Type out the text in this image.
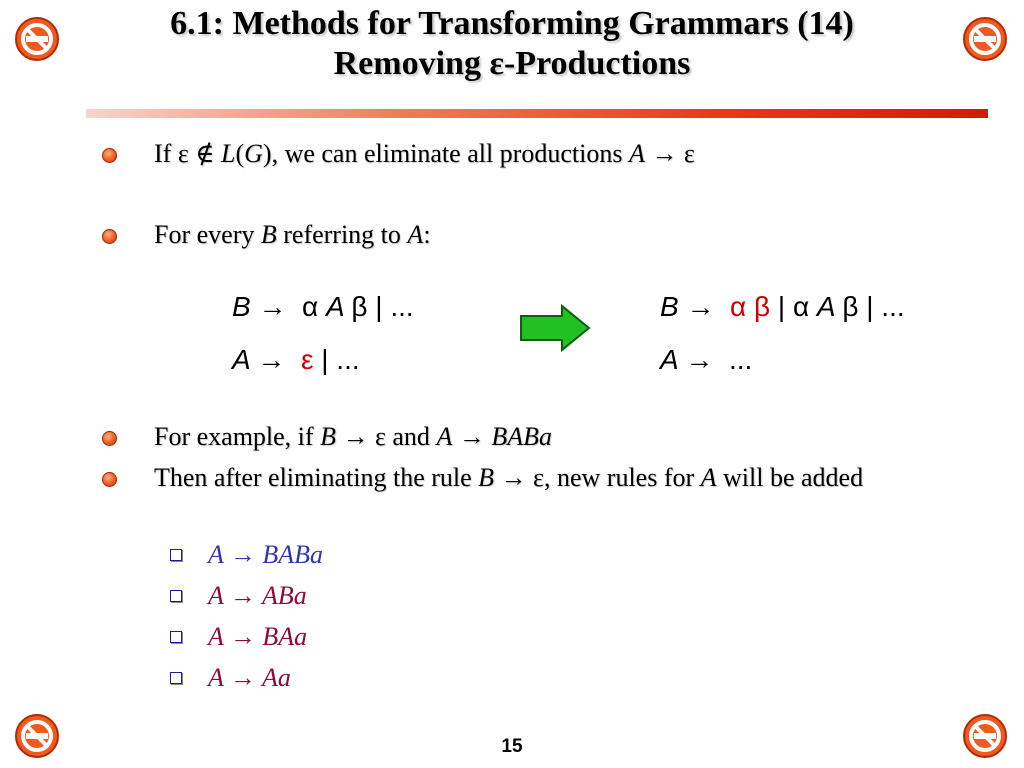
6.1: Methods for Transforming Grammars (14)
Removing ε-Productions
If ε ∉ L(G), we can eliminate all productions A → ε
For every B referring to A:
B → α A β | ...
A → ε | ...
B → α β | α A β | ...
A → ...
For example, if B → ε and A → BABa
Then after eliminating the rule B → ε, new rules for A will be added
A → BABa
A → ABa
A → BAa
A → Aa
15
